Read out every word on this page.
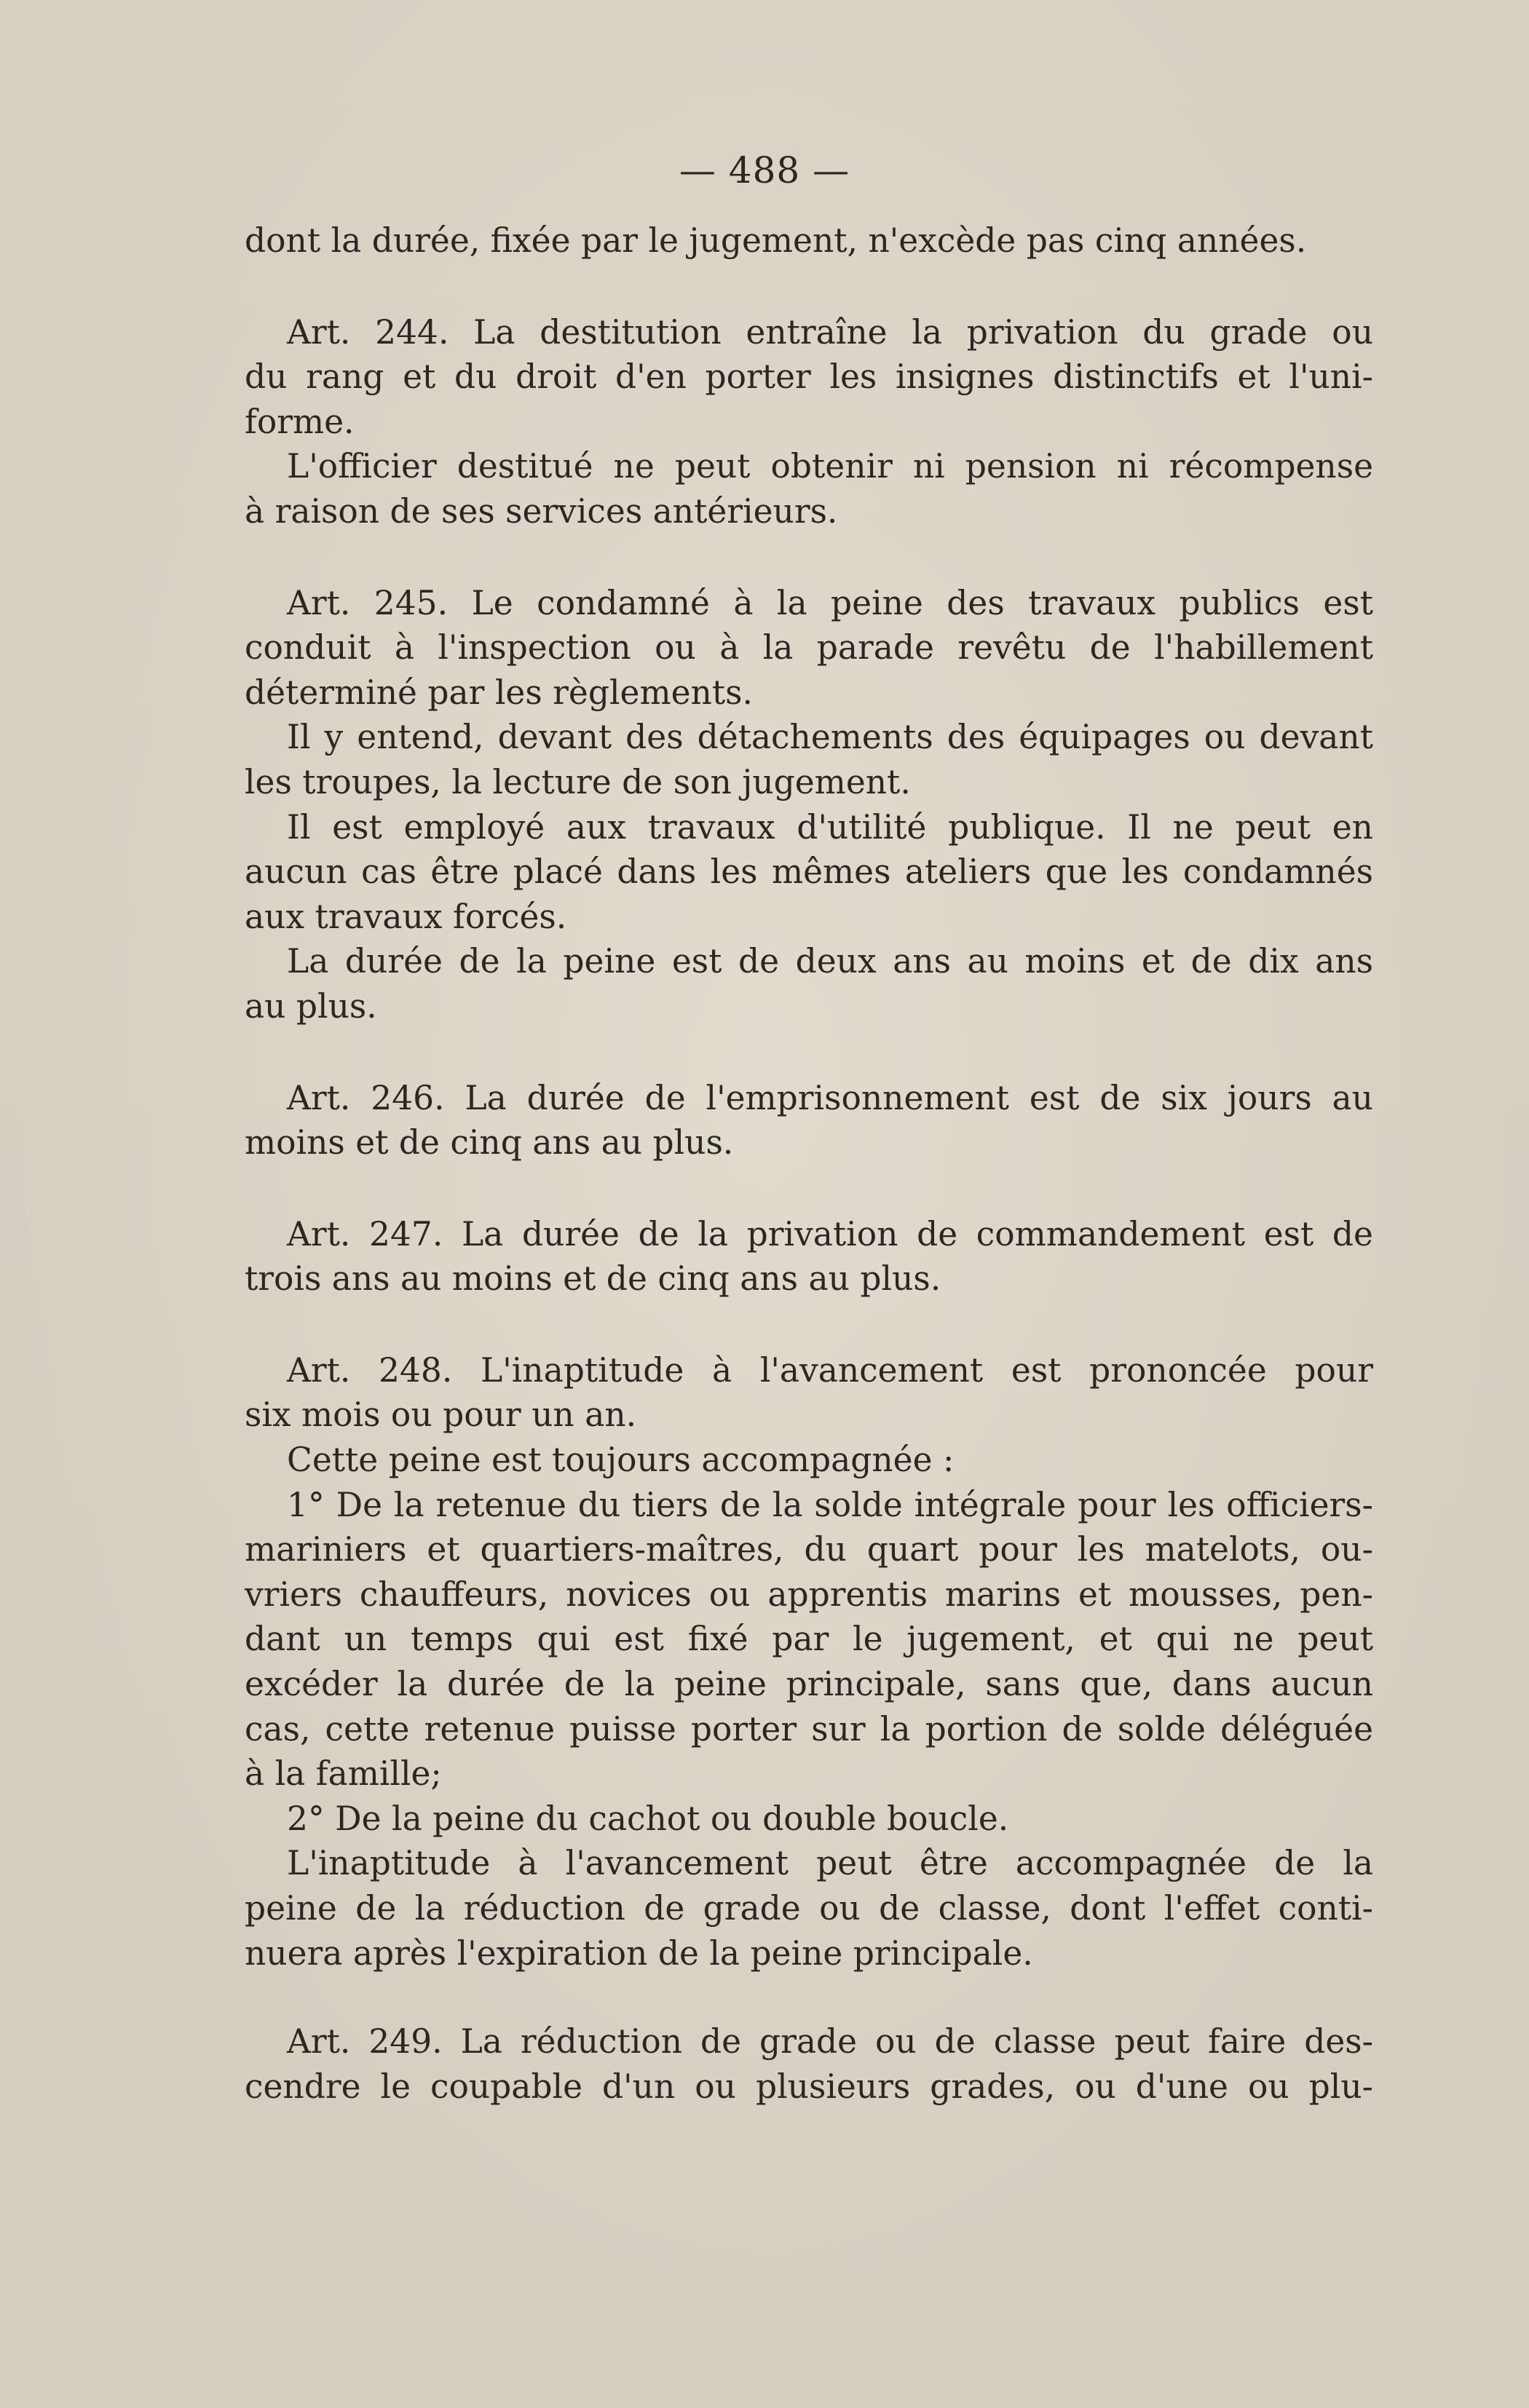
— 488 —
dont la durée, fixée par le jugement, n'excède pas cinq années.
Art. 244. La destitution entraîne la privation du grade ou
du rang et du droit d'en porter les insignes distinctifs et l'uni-
forme.
L'officier destitué ne peut obtenir ni pension ni récompense
à raison de ses services antérieurs.
Art. 245. Le condamné à la peine des travaux publics est
conduit à l'inspection ou à la parade revêtu de l'habillement
déterminé par les règlements.
Il y entend, devant des détachements des équipages ou devant
les troupes, la lecture de son jugement.
Il est employé aux travaux d'utilité publique. Il ne peut en
aucun cas être placé dans les mêmes ateliers que les condamnés
aux travaux forcés.
La durée de la peine est de deux ans au moins et de dix ans
au plus.
Art. 246. La durée de l'emprisonnement est de six jours au
moins et de cinq ans au plus.
Art. 247. La durée de la privation de commandement est de
trois ans au moins et de cinq ans au plus.
Art. 248. L'inaptitude à l'avancement est prononcée pour
six mois ou pour un an.
Cette peine est toujours accompagnée :
1° De la retenue du tiers de la solde intégrale pour les officiers-
mariniers et quartiers-maîtres, du quart pour les matelots, ou-
vriers chauffeurs, novices ou apprentis marins et mousses, pen-
dant un temps qui est fixé par le jugement, et qui ne peut
excéder la durée de la peine principale, sans que, dans aucun
cas, cette retenue puisse porter sur la portion de solde déléguée
à la famille;
2° De la peine du cachot ou double boucle.
L'inaptitude à l'avancement peut être accompagnée de la
peine de la réduction de grade ou de classe, dont l'effet conti-
nuera après l'expiration de la peine principale.
Art. 249. La réduction de grade ou de classe peut faire des-
cendre le coupable d'un ou plusieurs grades, ou d'une ou plu-
